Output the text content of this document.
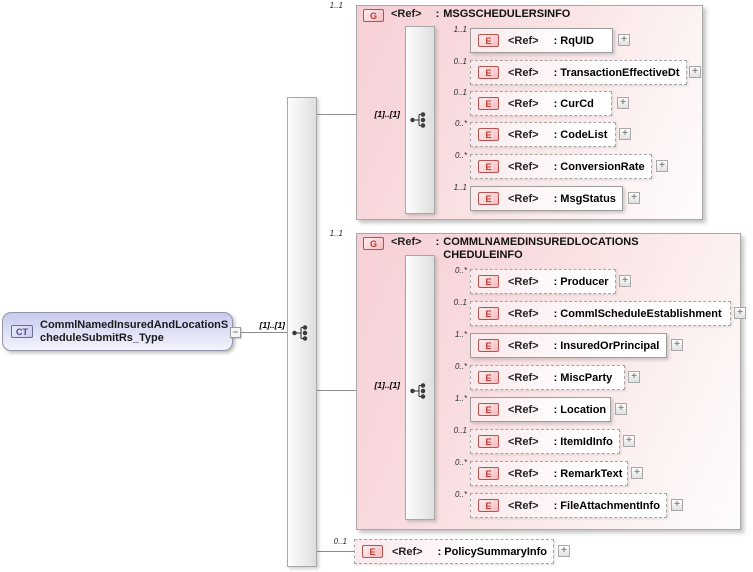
CT
CommlNamedInsuredAndLocationScheduleSubmitRs_Type	−
[1]..[1]
1..1
G	<Ref> : MSGSCHEDULERSINFO
[1]..[1]
1..1
E	<Ref> : RqUID	+
0..1
E	<Ref> : TransactionEffectiveDt	+
0..1
E	<Ref> : CurCd	+
0..*
E	<Ref> : CodeList	+
0..*
E	<Ref> : ConversionRate	+
1..1
E	<Ref> : MsgStatus	+
1..1
G	<Ref> : COMMLNAMEDINSUREDLOCATIONSCHEDULEINFO
[1]..[1]
0..*
E	<Ref> : Producer	+
0..1
E	<Ref> : CommlScheduleEstablishment	+
1..*
E	<Ref> : InsuredOrPrincipal	+
0..*
E	<Ref> : MiscParty	+
1..*
E	<Ref> : Location	+
0..1
E	<Ref> : ItemIdInfo	+
0..*
E	<Ref> : RemarkText	+
0..*
E	<Ref> : FileAttachmentInfo	+
0..1
E	<Ref> : PolicySummaryInfo	+
